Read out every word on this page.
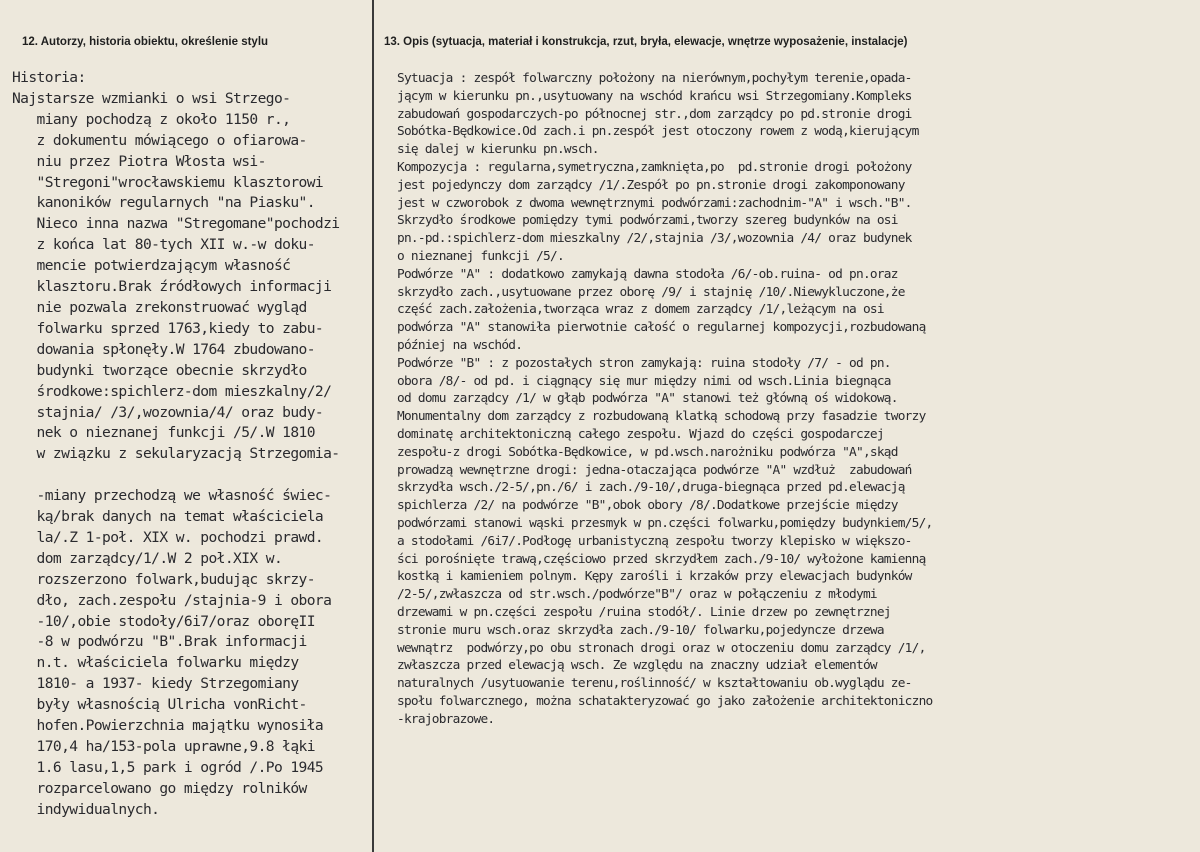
12. Autorzy, historia obiektu, określenie stylu	13. Opis (sytuacja, materiał i konstrukcja, rzut, bryła, elewacje, wnętrze wyposażenie, instalacje)
Historia:
Najstarsze wzmianki o wsi Strzego-
miany pochodzą z około 1150 r.,
z dokumentu mówiącego o ofiarowa-
niu przez Piotra Włosta wsi-
"Stregoni"wrocławskiemu klasztorowi
kanoników regularnych "na Piasku".
Nieco inna nazwa "Stregomane"pochodzi
z końca lat 80-tych XII w.-w doku-
mencie potwierdzającym własność
klasztoru.Brak źródłowych informacji
nie pozwala zrekonstruować wygląd
folwarku sprzed 1763,kiedy to zabu-
dowania spłonęły.W 1764 zbudowano-
budynki tworzące obecnie skrzydło
środkowe:spichlerz-dom mieszkalny/2/
stajnia/ /3/,wozownia/4/ oraz budy-
nek o nieznanej funkcji /5/.W 1810
w związku z sekularyzacją Strzegomia-

-miany przechodzą we własność świec-
ką/brak danych na temat właściciela
la/.Z 1-poł. XIX w. pochodzi prawd.
dom zarządcy/1/.W 2 poł.XIX w.
rozszerzono folwark,budując skrzy-
dło, zach.zespołu /stajnia-9 i obora
-10/,obie stodoły/6i7/oraz oboręII
-8 w podwórzu "B".Brak informacji
n.t. właściciela folwarku między
1810- a 1937- kiedy Strzegomiany
były własnością Ulricha vonRicht-
hofen.Powierzchnia majątku wynosiła
170,4 ha/153-pola uprawne,9.8 łąki
1.6 lasu,1,5 park i ogród /.Po 1945
rozparcelowano go między rolników
indywidualnych.
Sytuacja : zespół folwarczny położony na nierównym,pochyłym terenie,opada-
jącym w kierunku pn.,usytuowany na wschód krańcu wsi Strzegomiany.Kompleks
zabudowań gospodarczych-po północnej str.,dom zarządcy po pd.stronie drogi
Sobótka-Będkowice.Od zach.i pn.zespół jest otoczony rowem z wodą,kierującym
się dalej w kierunku pn.wsch.
Kompozycja : regularna,symetryczna,zamknięta,po  pd.stronie drogi położony
jest pojedynczy dom zarządcy /1/.Zespół po pn.stronie drogi zakomponowany
jest w czworobok z dwoma wewnętrznymi podwórzami:zachodnim-"A" i wsch."B".
Skrzydło środkowe pomiędzy tymi podwórzami,tworzy szereg budynków na osi
pn.-pd.:spichlerz-dom mieszkalny /2/,stajnia /3/,wozownia /4/ oraz budynek
o nieznanej funkcji /5/.
Podwórze "A" : dodatkowo zamykają dawna stodoła /6/-ob.ruina- od pn.oraz
skrzydło zach.,usytuowane przez oborę /9/ i stajnię /10/.Niewykluczone,że
część zach.założenia,tworząca wraz z domem zarządcy /1/,leżącym na osi
podwórza "A" stanowiła pierwotnie całość o regularnej kompozycji,rozbudowaną
później na wschód.
Podwórze "B" : z pozostałych stron zamykają: ruina stodoły /7/ - od pn.
obora /8/- od pd. i ciągnący się mur między nimi od wsch.Linia biegnąca
od domu zarządcy /1/ w głąb podwórza "A" stanowi też główną oś widokową.
Monumentalny dom zarządcy z rozbudowaną klatką schodową przy fasadzie tworzy
dominatę architektoniczną całego zespołu. Wjazd do części gospodarczej
zespołu-z drogi Sobótka-Będkowice, w pd.wsch.narożniku podwórza "A",skąd
prowadzą wewnętrzne drogi: jedna-otaczająca podwórze "A" wzdłuż  zabudowań
skrzydła wsch./2-5/,pn./6/ i zach./9-10/,druga-biegnąca przed pd.elewacją
spichlerza /2/ na podwórze "B",obok obory /8/.Dodatkowe przejście między
podwórzami stanowi wąski przesmyk w pn.części folwarku,pomiędzy budynkiem/5/,
a stodołami /6i7/.Podłogę urbanistyczną zespołu tworzy klepisko w większo-
ści porośnięte trawą,częściowo przed skrzydłem zach./9-10/ wyłożone kamienną
kostką i kamieniem polnym. Kępy zarośli i krzaków przy elewacjach budynków
/2-5/,zwłaszcza od str.wsch./podwórze"B"/ oraz w połączeniu z młodymi
drzewami w pn.części zespołu /ruina stodół/. Linie drzew po zewnętrznej
stronie muru wsch.oraz skrzydła zach./9-10/ folwarku,pojedyncze drzewa
wewnątrz  podwórzy,po obu stronach drogi oraz w otoczeniu domu zarządcy /1/,
zwłaszcza przed elewacją wsch. Ze względu na znaczny udział elementów
naturalnych /usytuowanie terenu,roślinność/ w kształtowaniu ob.wyglądu ze-
społu folwarcznego, można schatakteryzować go jako założenie architektoniczno
-krajobrazowe.
